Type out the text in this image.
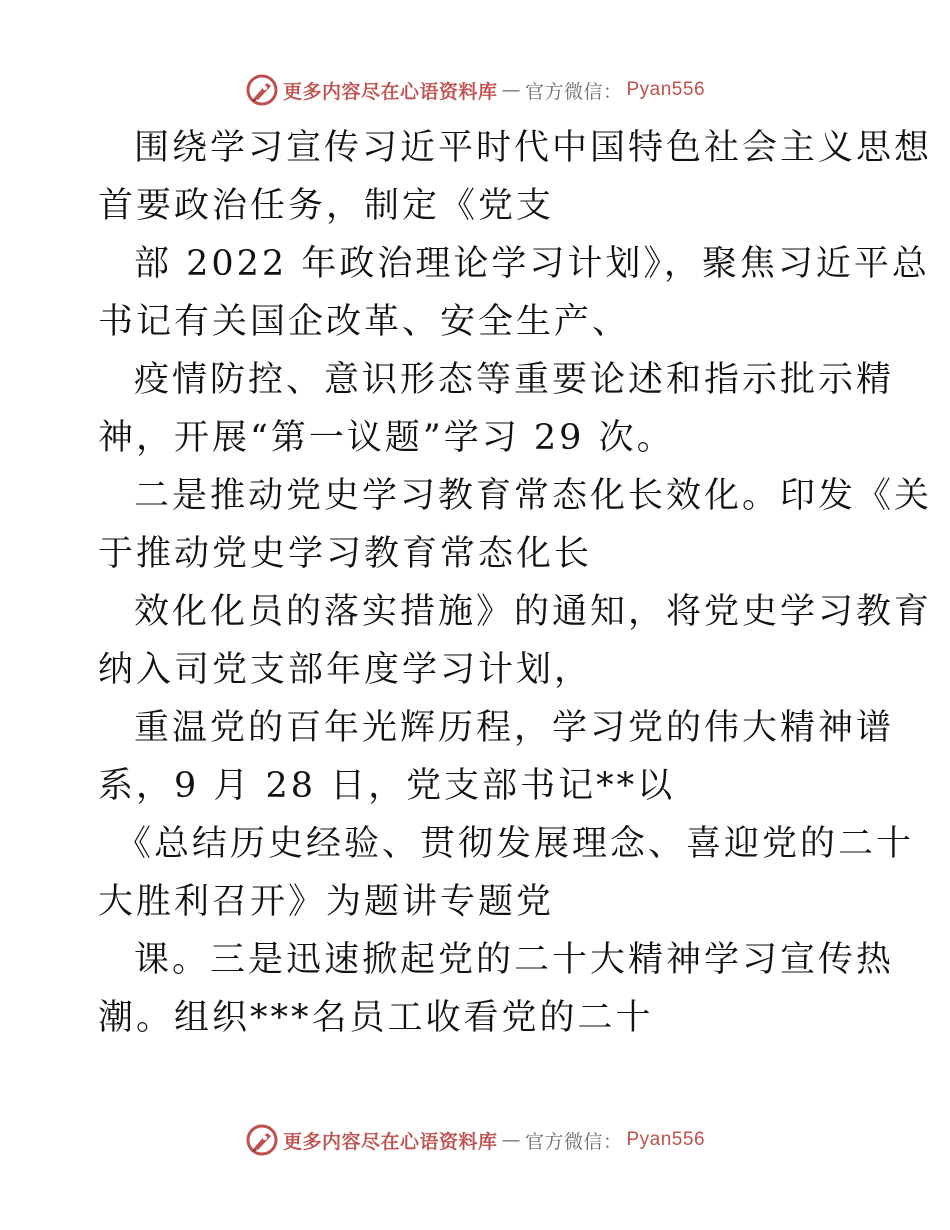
更多内容尽在心语资料库 — 官方微信： Pyan556
围绕学习宣传习近平时代中国特色社会主义思想
首要政治任务，制定《党支
部 2022 年政治理论学习计划》，聚焦习近平总
书记有关国企改革、安全生产、
疫情防控、意识形态等重要论述和指示批示精
神，开展“第一议题”学习 29 次。
二是推动党史学习教育常态化长效化。印发《关
于推动党史学习教育常态化长
效化化员的落实措施》的通知，将党史学习教育
纳入司党支部年度学习计划，
重温党的百年光辉历程，学习党的伟大精神谱
系，9 月 28 日，党支部书记**以
《总结历史经验、贯彻发展理念、喜迎党的二十
大胜利召开》为题讲专题党
课。三是迅速掀起党的二十大精神学习宣传热
潮。组织***名员工收看党的二十
更多内容尽在心语资料库 — 官方微信： Pyan556
